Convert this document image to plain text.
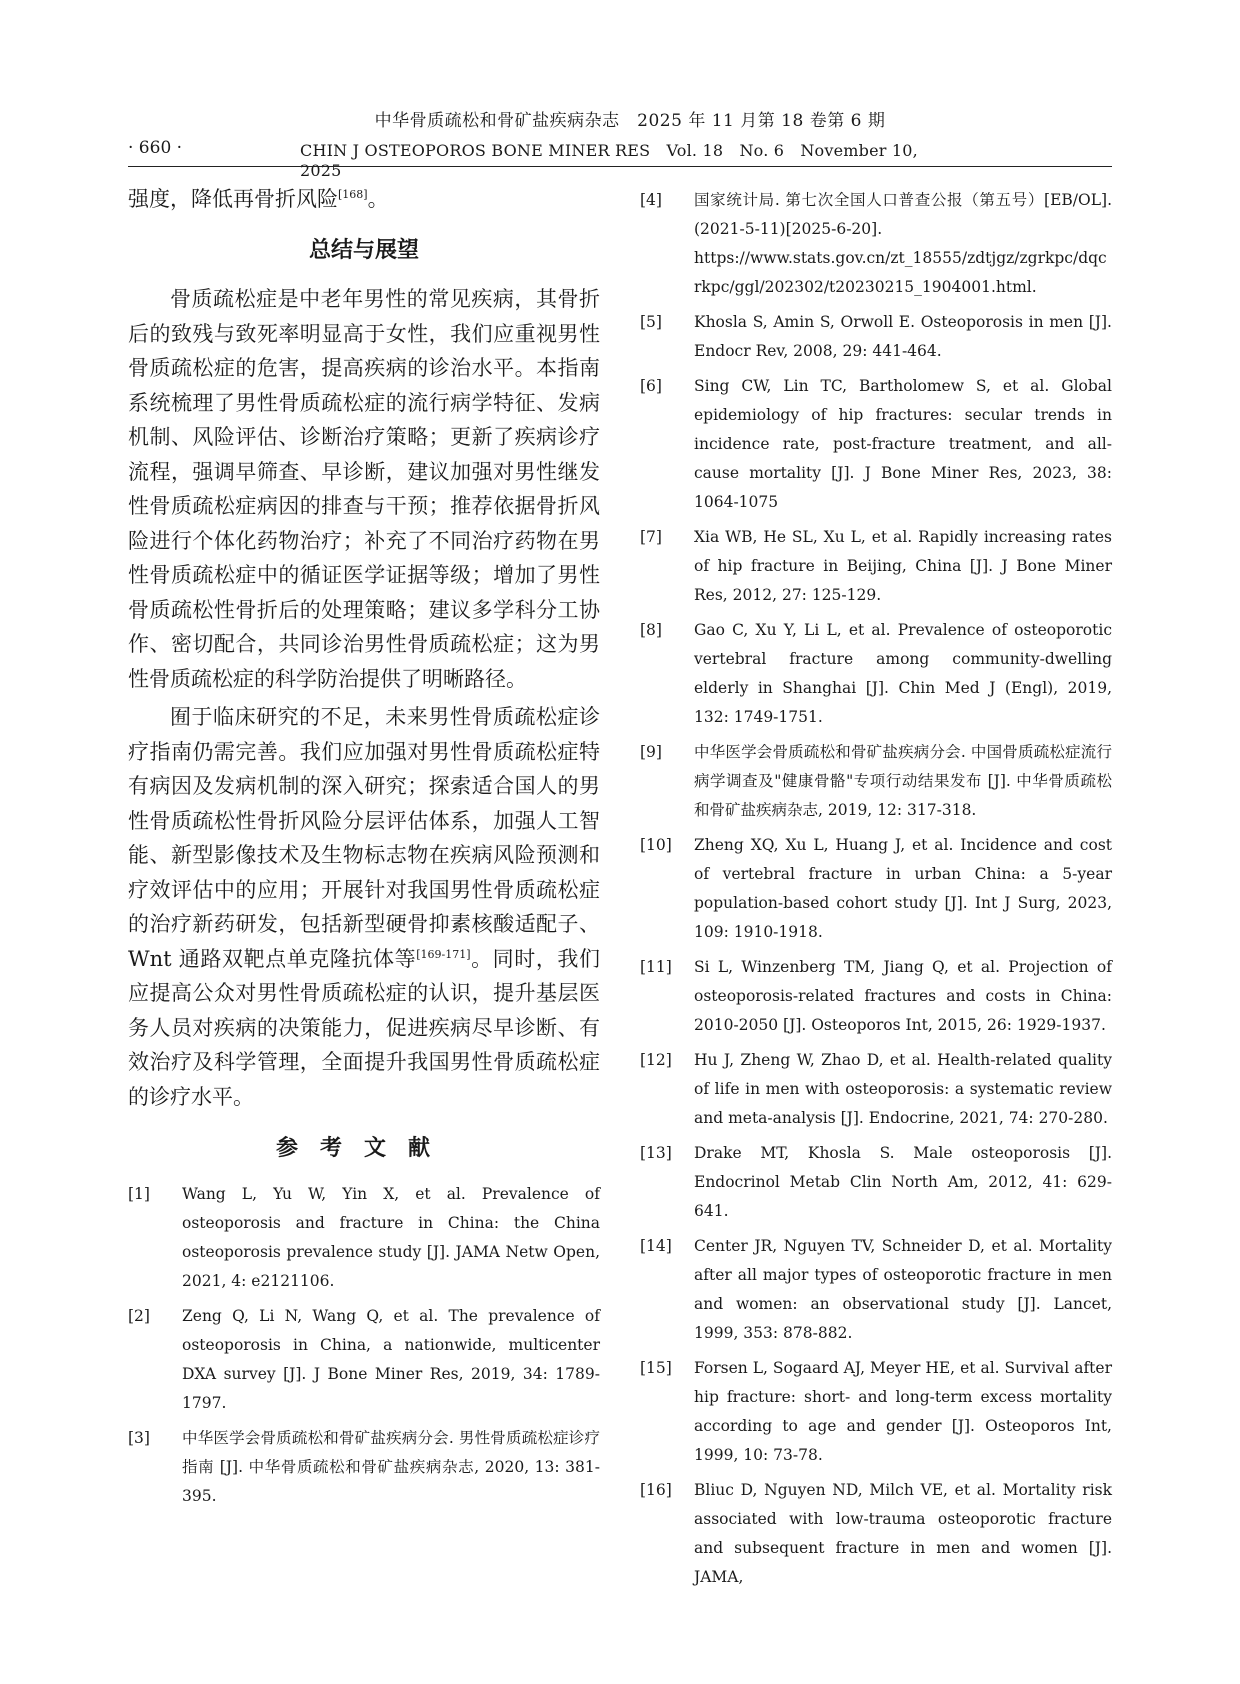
中华骨质疏松和骨矿盐疾病杂志　2025 年 11 月第 18 卷第 6 期
· 660 ·	CHIN J OSTEOPOROS BONE MINER RES　Vol. 18　No. 6　November 10, 2025

强度，降低再骨折风险[168]。

总结与展望

骨质疏松症是中老年男性的常见疾病，其骨折后的致残与致死率明显高于女性，我们应重视男性骨质疏松症的危害，提高疾病的诊治水平。本指南系统梳理了男性骨质疏松症的流行病学特征、发病机制、风险评估、诊断治疗策略；更新了疾病诊疗流程，强调早筛查、早诊断，建议加强对男性继发性骨质疏松症病因的排查与干预；推荐依据骨折风险进行个体化药物治疗；补充了不同治疗药物在男性骨质疏松症中的循证医学证据等级；增加了男性骨质疏松性骨折后的处理策略；建议多学科分工协作、密切配合，共同诊治男性骨质疏松症；这为男性骨质疏松症的科学防治提供了明晰路径。

囿于临床研究的不足，未来男性骨质疏松症诊疗指南仍需完善。我们应加强对男性骨质疏松症特有病因及发病机制的深入研究；探索适合国人的男性骨质疏松性骨折风险分层评估体系，加强人工智能、新型影像技术及生物标志物在疾病风险预测和疗效评估中的应用；开展针对我国男性骨质疏松症的治疗新药研发，包括新型硬骨抑素核酸适配子、Wnt 通路双靶点单克隆抗体等[169-171]。同时，我们应提高公众对男性骨质疏松症的认识，提升基层医务人员对疾病的决策能力，促进疾病尽早诊断、有效治疗及科学管理，全面提升我国男性骨质疏松症的诊疗水平。

参考文献
[1]	Wang L, Yu W, Yin X, et al. Prevalence of osteoporosis and fracture in China: the China osteoporosis prevalence study [J]. JAMA Netw Open, 2021, 4: e2121106.
[2]	Zeng Q, Li N, Wang Q, et al. The prevalence of osteoporosis in China, a nationwide, multicenter DXA survey [J]. J Bone Miner Res, 2019, 34: 1789-1797.
[3]	中华医学会骨质疏松和骨矿盐疾病分会. 男性骨质疏松症诊疗指南 [J]. 中华骨质疏松和骨矿盐疾病杂志, 2020, 13: 381-395.
[4]	国家统计局. 第七次全国人口普查公报（第五号）[EB/OL].(2021-5-11)[2025-6-20]. https://www.stats.gov.cn/zt_18555/zdtjgz/zgrkpc/dqcrkpc/ggl/202302/t20230215_1904001.html.
[5]	Khosla S, Amin S, Orwoll E. Osteoporosis in men [J]. Endocr Rev, 2008, 29: 441-464.
[6]	Sing CW, Lin TC, Bartholomew S, et al. Global epidemiology of hip fractures: secular trends in incidence rate, post-fracture treatment, and all-cause mortality [J]. J Bone Miner Res, 2023, 38: 1064-1075
[7]	Xia WB, He SL, Xu L, et al. Rapidly increasing rates of hip fracture in Beijing, China [J]. J Bone Miner Res, 2012, 27: 125-129.
[8]	Gao C, Xu Y, Li L, et al. Prevalence of osteoporotic vertebral fracture among community-dwelling elderly in Shanghai [J]. Chin Med J (Engl), 2019, 132: 1749-1751.
[9]	中华医学会骨质疏松和骨矿盐疾病分会. 中国骨质疏松症流行病学调查及"健康骨骼"专项行动结果发布 [J]. 中华骨质疏松和骨矿盐疾病杂志, 2019, 12: 317-318.
[10]	Zheng XQ, Xu L, Huang J, et al. Incidence and cost of vertebral fracture in urban China: a 5-year population-based cohort study [J]. Int J Surg, 2023, 109: 1910-1918.
[11]	Si L, Winzenberg TM, Jiang Q, et al. Projection of osteoporosis-related fractures and costs in China: 2010-2050 [J]. Osteoporos Int, 2015, 26: 1929-1937.
[12]	Hu J, Zheng W, Zhao D, et al. Health-related quality of life in men with osteoporosis: a systematic review and meta-analysis [J]. Endocrine, 2021, 74: 270-280.
[13]	Drake MT, Khosla S. Male osteoporosis [J]. Endocrinol Metab Clin North Am, 2012, 41: 629-641.
[14]	Center JR, Nguyen TV, Schneider D, et al. Mortality after all major types of osteoporotic fracture in men and women: an observational study [J]. Lancet, 1999, 353: 878-882.
[15]	Forsen L, Sogaard AJ, Meyer HE, et al. Survival after hip fracture: short- and long-term excess mortality according to age and gender [J]. Osteoporos Int, 1999, 10: 73-78.
[16]	Bliuc D, Nguyen ND, Milch VE, et al. Mortality risk associated with low-trauma osteoporotic fracture and subsequent fracture in men and women [J]. JAMA,
